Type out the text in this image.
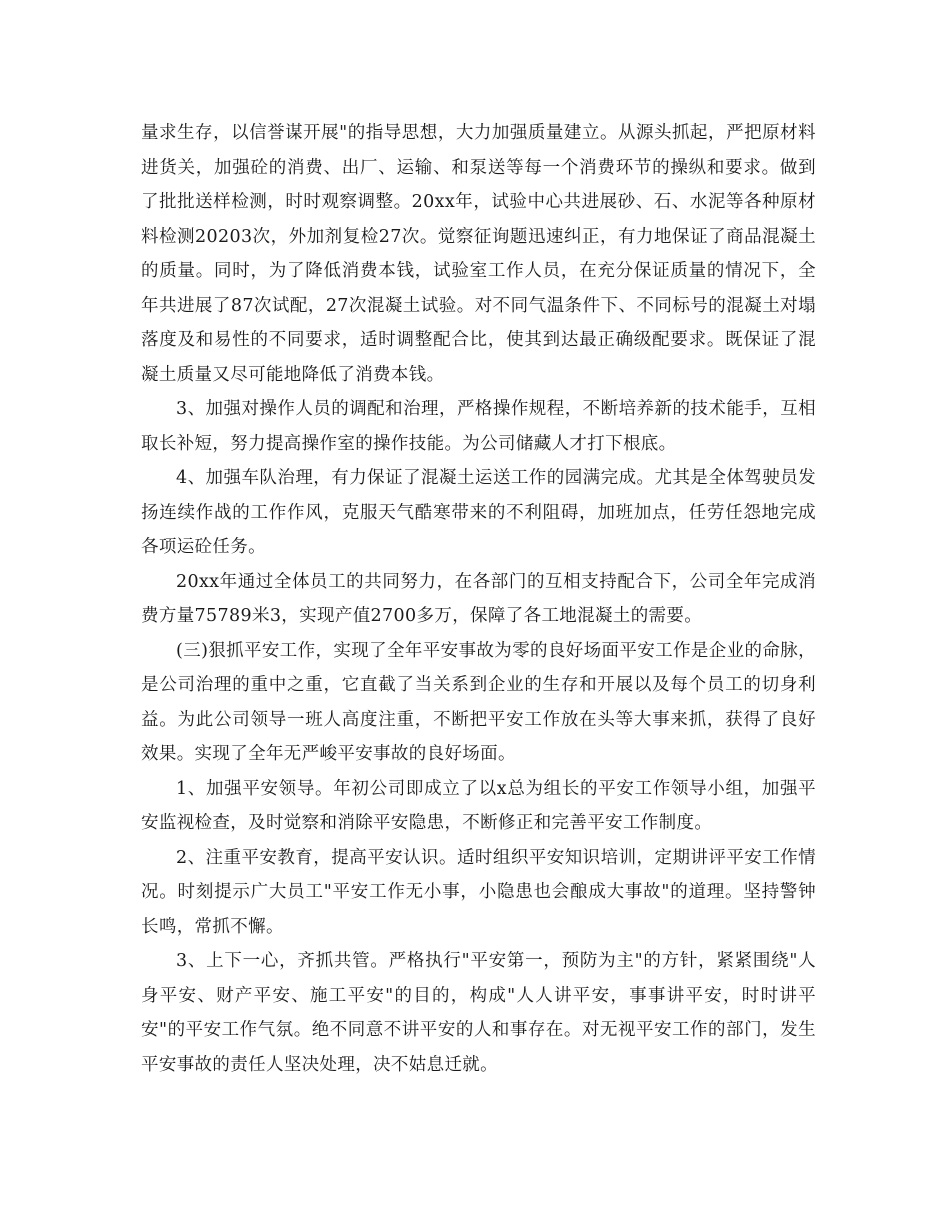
量求生存，以信誉谋开展"的指导思想，大力加强质量建立。从源头抓起，严把原材料进货关，加强砼的消费、出厂、运输、和泵送等每一个消费环节的操纵和要求。做到了批批送样检测，时时观察调整。20xx年，试验中心共进展砂、石、水泥等各种原材料检测20203次，外加剂复检27次。觉察征询题迅速纠正，有力地保证了商品混凝土的质量。同时，为了降低消费本钱，试验室工作人员，在充分保证质量的情况下，全年共进展了87次试配，27次混凝土试验。对不同气温条件下、不同标号的混凝土对塌落度及和易性的不同要求，适时调整配合比，使其到达最正确级配要求。既保证了混凝土质量又尽可能地降低了消费本钱。

3、加强对操作人员的调配和治理，严格操作规程，不断培养新的技术能手，互相取长补短，努力提高操作室的操作技能。为公司储藏人才打下根底。

4、加强车队治理，有力保证了混凝土运送工作的园满完成。尤其是全体驾驶员发扬连续作战的工作作风，克服天气酷寒带来的不利阻碍，加班加点，任劳任怨地完成各项运砼任务。

20xx年通过全体员工的共同努力，在各部门的互相支持配合下，公司全年完成消费方量75789米3，实现产值2700多万，保障了各工地混凝土的需要。

(三)狠抓平安工作，实现了全年平安事故为零的良好场面平安工作是企业的命脉，是公司治理的重中之重，它直截了当关系到企业的生存和开展以及每个员工的切身利益。为此公司领导一班人高度注重，不断把平安工作放在头等大事来抓，获得了良好效果。实现了全年无严峻平安事故的良好场面。

1、加强平安领导。年初公司即成立了以x总为组长的平安工作领导小组，加强平安监视检查，及时觉察和消除平安隐患，不断修正和完善平安工作制度。

2、注重平安教育，提高平安认识。适时组织平安知识培训，定期讲评平安工作情况。时刻提示广大员工"平安工作无小事，小隐患也会酿成大事故"的道理。坚持警钟长鸣，常抓不懈。

3、上下一心，齐抓共管。严格执行"平安第一，预防为主"的方针，紧紧围绕"人身平安、财产平安、施工平安"的目的，构成"人人讲平安，事事讲平安，时时讲平安"的平安工作气氛。绝不同意不讲平安的人和事存在。对无视平安工作的部门，发生平安事故的责任人坚决处理，决不姑息迁就。
